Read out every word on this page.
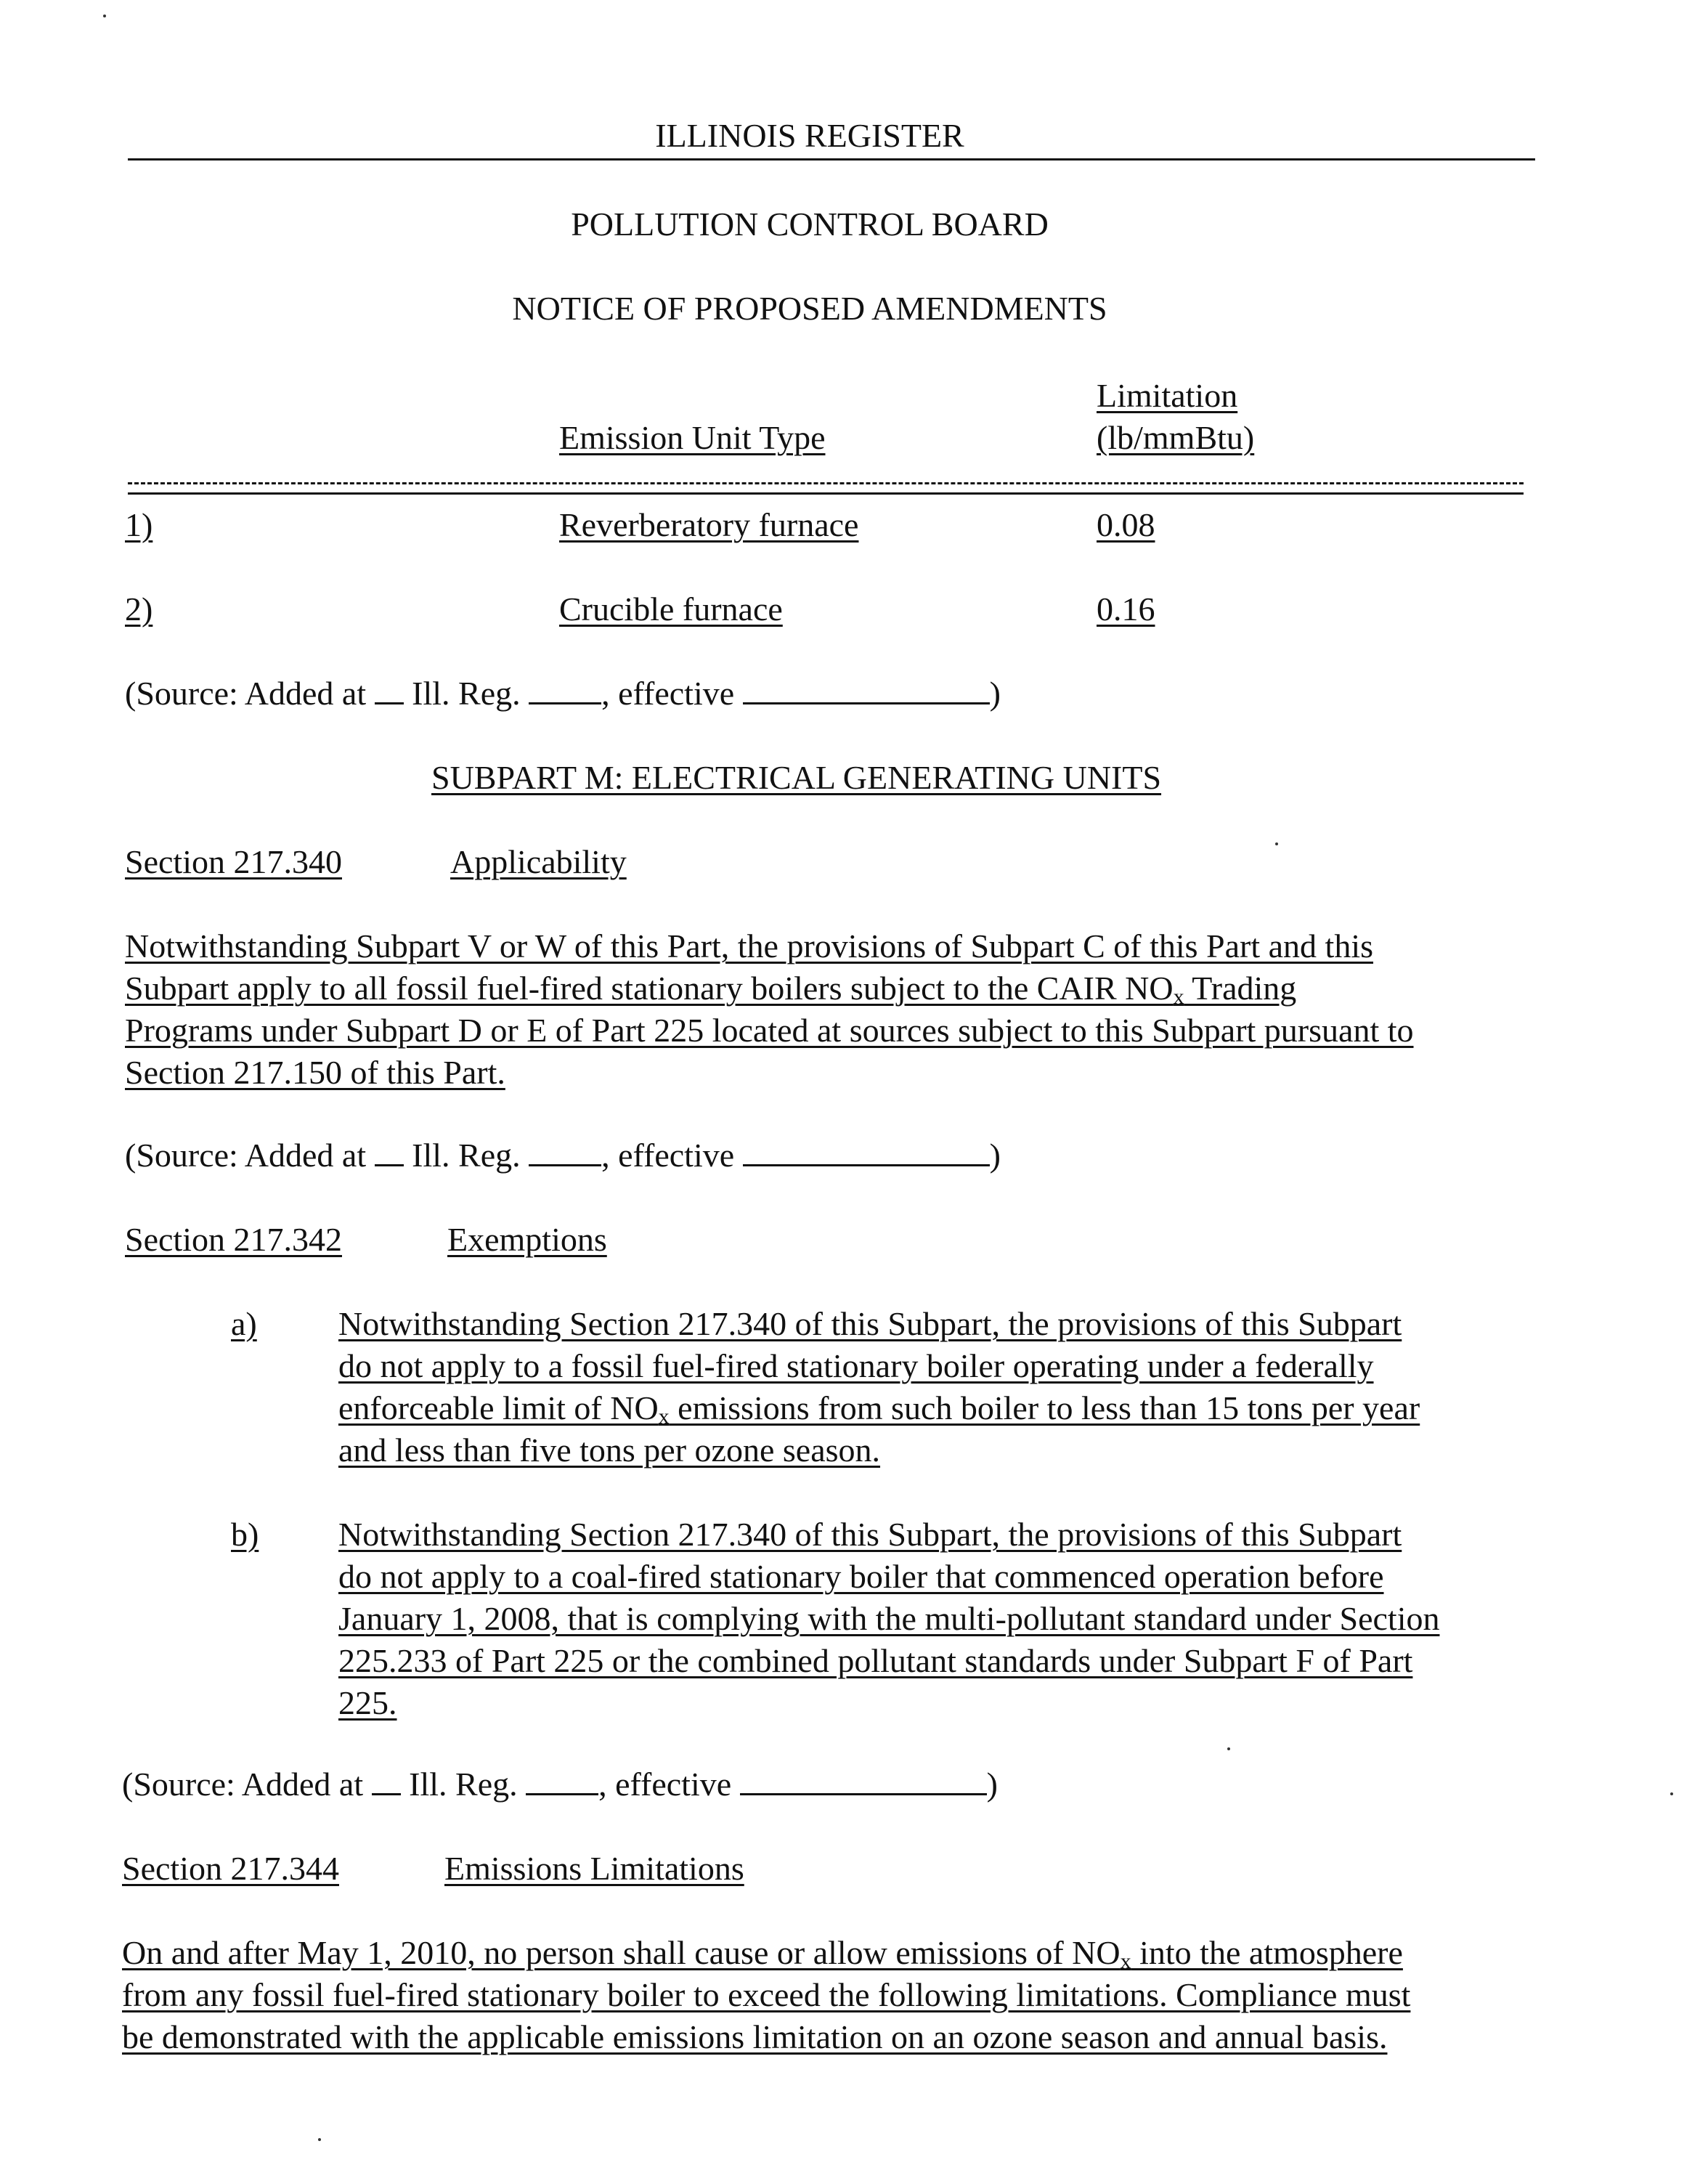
ILLINOIS REGISTER
POLLUTION CONTROL BOARD
NOTICE OF PROPOSED AMENDMENTS
Limitation
Emission Unit Type	(lb/mmBtu)
1)	Reverberatory furnace	0.08
2)	Crucible furnace	0.16
(Source: Added at Ill. Reg. , effective	)
SUBPART M: ELECTRICAL GENERATING UNITS
Section 217.340	Applicability
Notwithstanding Subpart V or W of this Part, the provisions of Subpart C of this Part and this
Subpart apply to all fossil fuel-fired stationary boilers subject to the CAIR $NO_x$ Trading
Programs under Subpart D or E of Part 225 located at sources subject to this Subpart pursuant to
Section 217.150 of this Part.
(Source: Added at Ill. Reg. , effective	)
Section 217.342	Exemptions
a) Notwithstanding Section 217.340 of this Subpart, the provisions of this Subpart
do not apply to a fossil fuel-fired stationary boiler operating under a federally
enforceable limit of $NO_x$ emissions from such boiler to less than 15 tons per year
and less than five tons per ozone season.
b) Notwithstanding Section 217.340 of this Subpart, the provisions of this Subpart
do not apply to a coal-fired stationary boiler that commenced operation before
January 1, 2008, that is complying with the multi-pollutant standard under Section
225.233 of Part 225 or the combined pollutant standards under Subpart F of Part
225.
(Source: Added at Ill. Reg. , effective	)
Section 217.344	Emissions Limitations
On and after May 1, 2010, no person shall cause or allow emissions of $NO_x$ into the atmosphere
from any fossil fuel-fired stationary boiler to exceed the following limitations. Compliance must
be demonstrated with the applicable emissions limitation on an ozone season and annual basis.
